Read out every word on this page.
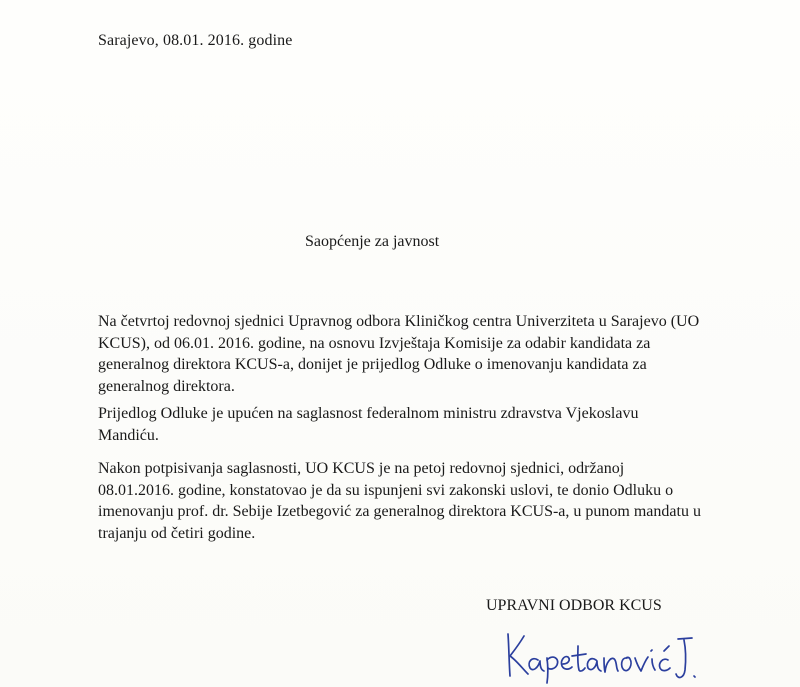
Sarajevo, 08.01. 2016. godine
Saopćenje za javnost

Na četvrtoj redovnoj sjednici Upravnog odbora Kliničkog centra Univerziteta u Sarajevo (UO
KCUS), od 06.01. 2016. godine, na osnovu Izvještaja Komisije za odabir kandidata za
generalnog direktora KCUS-a, donijet je prijedlog Odluke o imenovanju kandidata za
generalnog direktora.

Prijedlog Odluke je upućen na saglasnost federalnom ministru zdravstva Vjekoslavu
Mandiću.

Nakon potpisivanja saglasnosti, UO KCUS je na petoj redovnoj sjednici, održanoj
08.01.2016. godine, konstatovao je da su ispunjeni svi zakonski uslovi, te donio Odluku o
imenovanju prof. dr. Sebije Izetbegović za generalnog direktora KCUS-a, u punom mandatu u
trajanju od četiri godine.

UPRAVNI ODBOR KCUS
